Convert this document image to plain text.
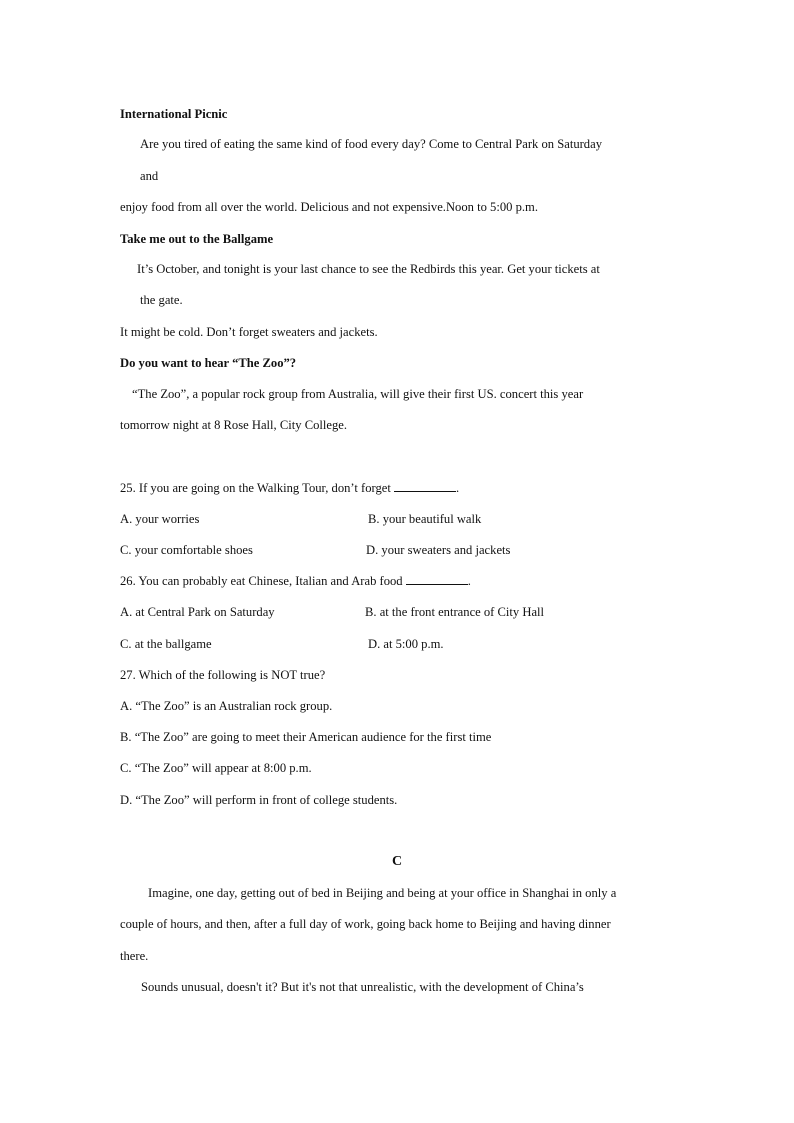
International Picnic
Are you tired of eating the same kind of food every day? Come to Central Park on Saturday
and
enjoy food from all over the world. Delicious and not expensive.Noon to 5:00 p.m.
Take me out to the Ballgame
It’s October, and tonight is your last chance to see the Redbirds this year. Get your tickets at
the gate.
It might be cold. Don’t forget sweaters and jackets.
Do you want to hear “The Zoo”?
“The Zoo”, a popular rock group from Australia, will give their first US. concert this year
tomorrow night at 8 Rose Hall, City College.
25. If you are going on the Walking Tour, don’t forget	.
A. your worries	B. your beautiful walk
C. your comfortable shoes	D. your sweaters and jackets
26. You can probably eat Chinese, Italian and Arab food	.
A. at Central Park on Saturday	B. at the front entrance of City Hall
C. at the ballgame	D. at 5:00 p.m.
27. Which of the following is NOT true?
A. “The Zoo” is an Australian rock group.
B. “The Zoo” are going to meet their American audience for the first time
C. “The Zoo” will appear at 8:00 p.m.
D. “The Zoo” will perform in front of college students.
C
Imagine, one day, getting out of bed in Beijing and being at your office in Shanghai in only a
couple of hours, and then, after a full day of work, going back home to Beijing and having dinner
there.
Sounds unusual, doesn't it? But it's not that unrealistic, with the development of China’s
